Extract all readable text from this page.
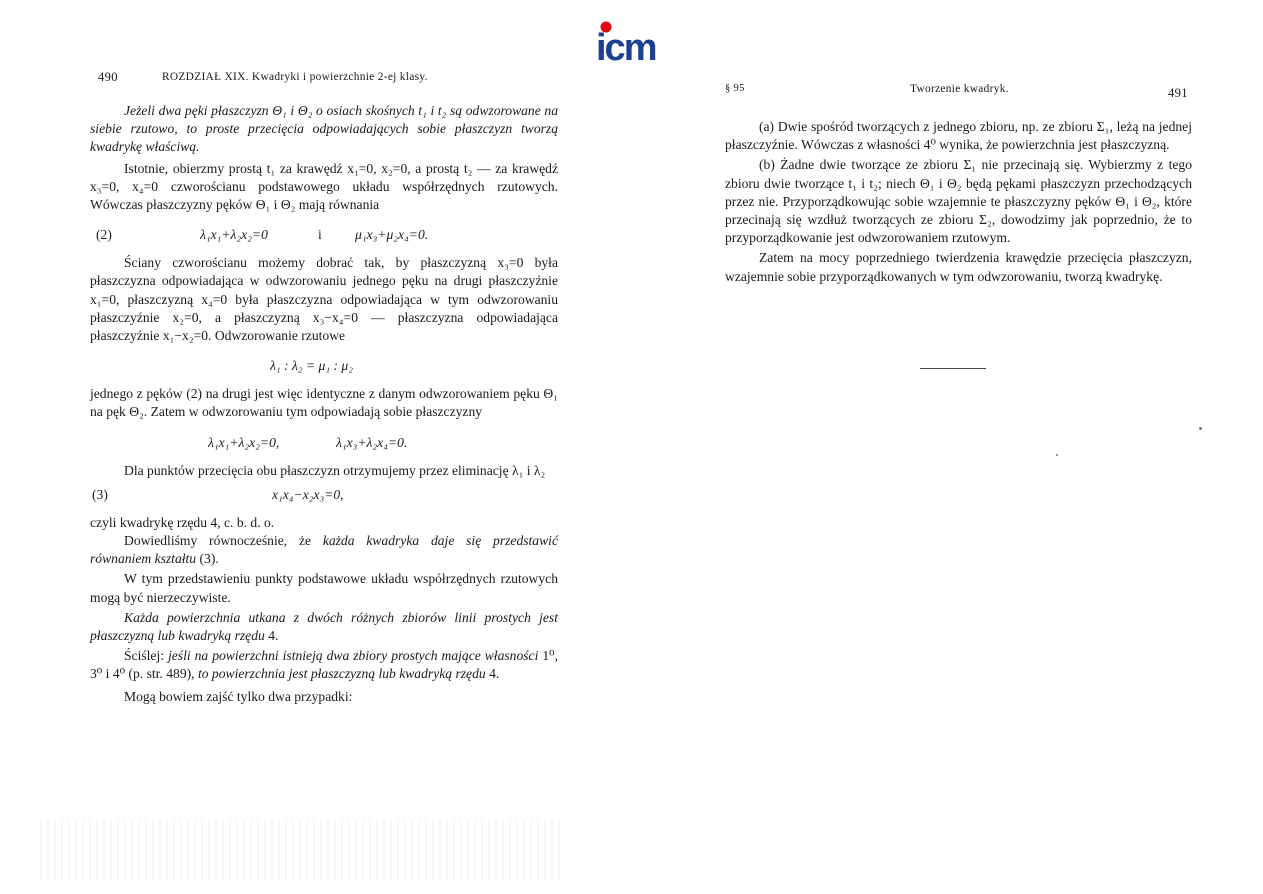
icm
490	ROZDZIAŁ XIX. Kwadryki i powierzchnie 2-ej klasy.

Jeżeli dwa pęki płaszczyzn Θ₁ i Θ₂ o osiach skośnych t₁ i t₂ są odwzorowane na siebie rzutowo, to proste przecięcia odpowiadających sobie płaszczyzn tworzą kwadrykę właściwą.

Istotnie, obierzmy prostą t₁ za krawędź x₁=0, x₂=0, a prostą t₂ — za krawędź x₃=0, x₄=0 czworościanu podstawowego układu współrzędnych rzutowych. Wówczas płaszczyzny pęków Θ₁ i Θ₂ mają równania

(2)	λ₁x₁+λ₂x₂=0	i μ₁x₃+μ₂x₄=0.

Ściany czworościanu możemy dobrać tak, by płaszczyzną x₃=0 była płaszczyzna odpowiadająca w odwzorowaniu jednego pęku na drugi płaszczyźnie x₁=0, płaszczyzną x₄=0 była płaszczyzna odpowiadająca w tym odwzorowaniu płaszczyźnie x₂=0, a płaszczyzną x₃−x₄=0 — płaszczyzna odpowiadająca płaszczyźnie x₁−x₂=0. Odwzorowanie rzutowe

λ₁ : λ₂ = μ₁ : μ₂

jednego z pęków (2) na drugi jest więc identyczne z danym odwzorowaniem pęku Θ₁ na pęk Θ₂. Zatem w odwzorowaniu tym odpowiadają sobie płaszczyzny

λ₁x₁+λ₂x₂=0,	λ₁x₃+λ₂x₄=0.

Dla punktów przecięcia obu płaszczyzn otrzymujemy przez eliminację λ₁ i λ₂

(3)	x₁x₄−x₂x₃=0,

czyli kwadrykę rzędu 4, c. b. d. o.

Dowiedliśmy równocześnie, że każda kwadryka daje się przedstawić równaniem kształtu (3).

W tym przedstawieniu punkty podstawowe układu współrzędnych rzutowych mogą być nierzeczywiste.

Każda powierzchnia utkana z dwóch różnych zbiorów linii prostych jest płaszczyzną lub kwadryką rzędu 4.

Ściślej: jeśli na powierzchni istnieją dwa zbiory prostych mające własności 1⁰, 3⁰ i 4⁰ (p. str. 489), to powierzchnia jest płaszczyzną lub kwadryką rzędu 4.

Mogą bowiem zajść tylko dwa przypadki:

§ 95	Tworzenie kwadryk.	491

(a) Dwie spośród tworzących z jednego zbioru, np. ze zbioru Σ₁, leżą na jednej płaszczyźnie. Wówczas z własności 4⁰ wynika, że powierzchnia jest płaszczyzną.

(b) Żadne dwie tworzące ze zbioru Σ₁ nie przecinają się. Wybierzmy z tego zbioru dwie tworzące t₁ i t₂; niech Θ₁ i Θ₂ będą pękami płaszczyzn przechodzących przez nie. Przyporządkowując sobie wzajemnie te płaszczyzny pęków Θ₁ i Θ₂, które przecinają się wzdłuż tworzących ze zbioru Σ₂, dowodzimy jak poprzednio, że to przyporządkowanie jest odwzorowaniem rzutowym.

Zatem na mocy poprzedniego twierdzenia krawędzie przecięcia płaszczyzn, wzajemnie sobie przyporządkowanych w tym odwzorowaniu, tworzą kwadrykę.
